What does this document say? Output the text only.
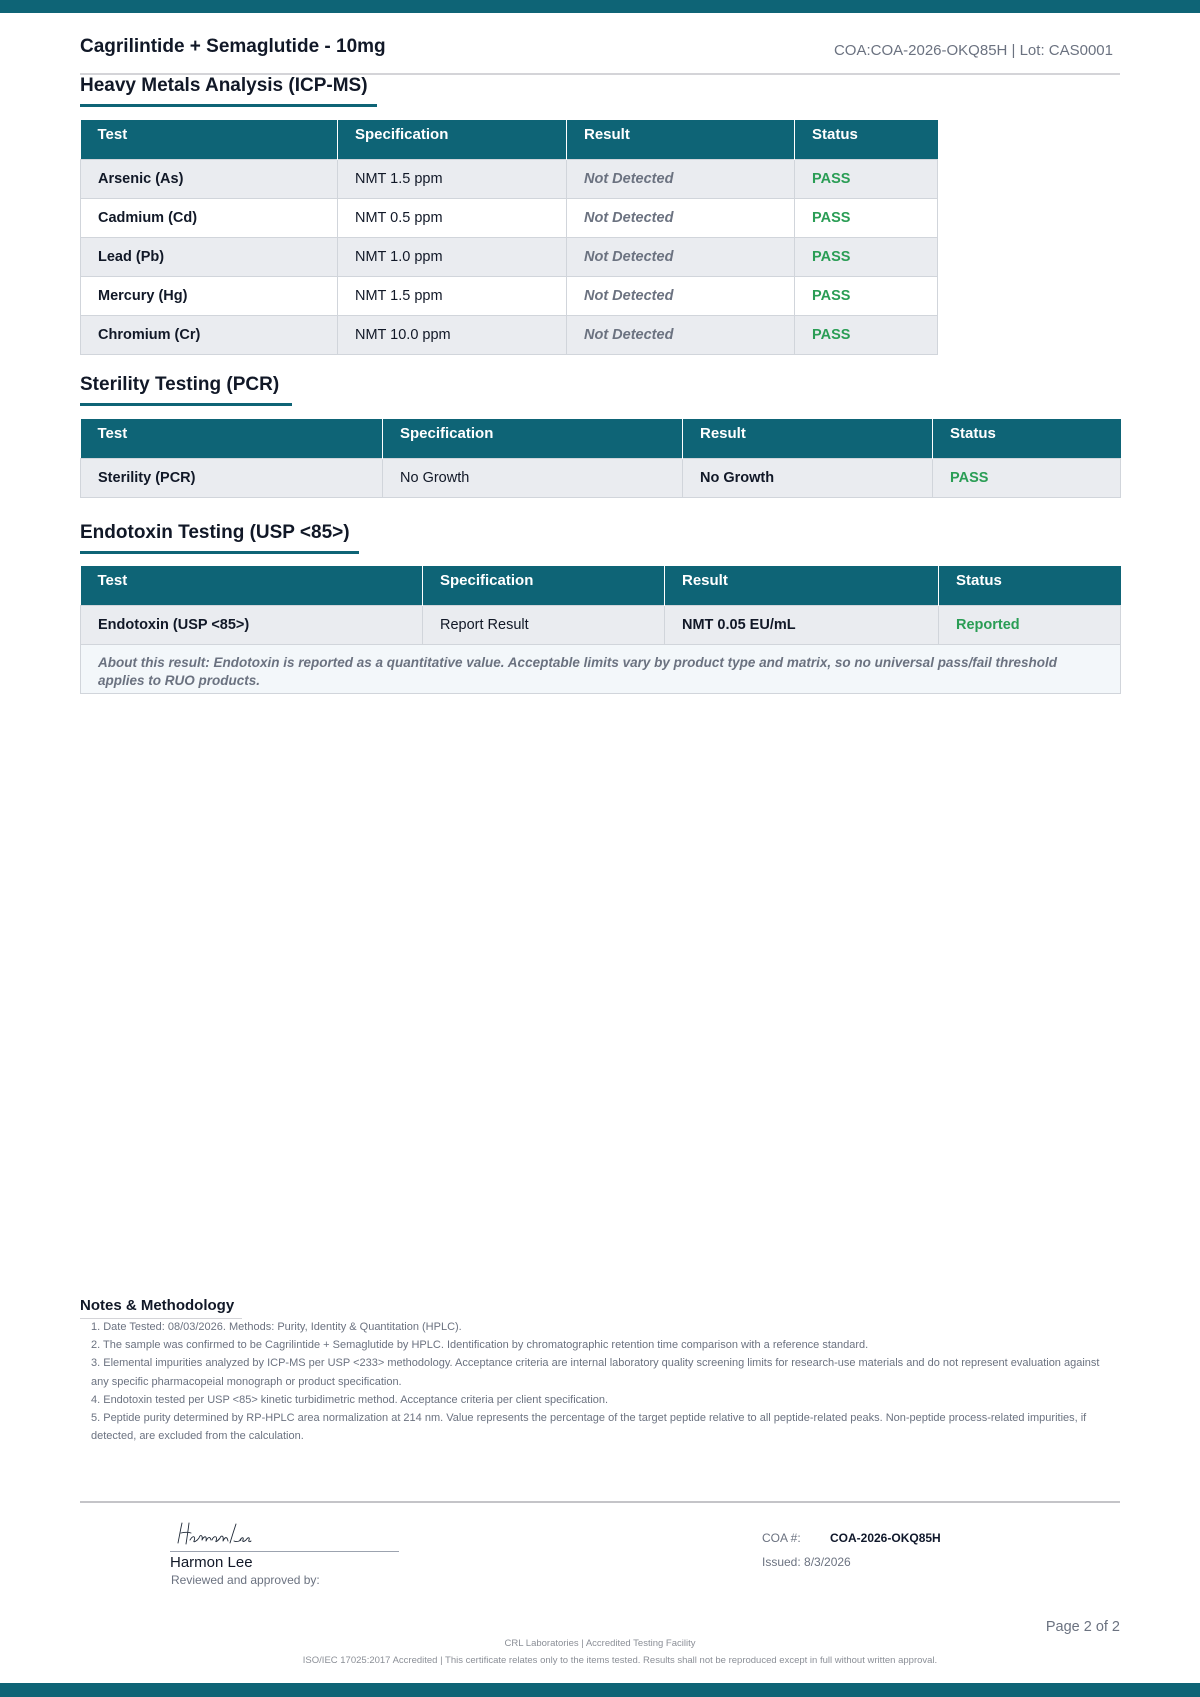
Cagrilintide + Semaglutide - 10mg	COA:COA-2026-OKQ85H | Lot: CAS0001
Heavy Metals Analysis (ICP-MS)
Test	Specification	Result	Status
Arsenic (As)	NMT 1.5 ppm	Not Detected	PASS
Cadmium (Cd)	NMT 0.5 ppm	Not Detected	PASS
Lead (Pb)	NMT 1.0 ppm	Not Detected	PASS
Mercury (Hg)	NMT 1.5 ppm	Not Detected	PASS
Chromium (Cr)	NMT 10.0 ppm	Not Detected	PASS
Sterility Testing (PCR)
Test	Specification	Result	Status
Sterility (PCR)	No Growth	No Growth	PASS
Endotoxin Testing (USP <85>)
Test	Specification	Result	Status
Endotoxin (USP <85>)	Report Result	NMT 0.05 EU/mL	Reported
About this result: Endotoxin is reported as a quantitative value. Acceptable limits vary by product type and matrix, so no universal pass/fail threshold applies to RUO products.			
Notes & Methodology
1. Date Tested: 08/03/2026. Methods: Purity, Identity & Quantitation (HPLC).
2. The sample was confirmed to be Cagrilintide + Semaglutide by HPLC. Identification by chromatographic retention time comparison with a reference standard.
3. Elemental impurities analyzed by ICP-MS per USP <233> methodology. Acceptance criteria are internal laboratory quality screening limits for research-use materials and do not represent evaluation against any specific pharmacopeial monograph or product specification.
4. Endotoxin tested per USP <85> kinetic turbidimetric method. Acceptance criteria per client specification.
5. Peptide purity determined by RP-HPLC area normalization at 214 nm. Value represents the percentage of the target peptide relative to all peptide-related peaks. Non-peptide process-related impurities, if detected, are excluded from the calculation.
Harmon Lee
Reviewed and approved by:
COA #: COA-2026-OKQ85H
Issued: 8/3/2026
Page 2 of 2
CRL Laboratories | Accredited Testing Facility
ISO/IEC 17025:2017 Accredited | This certificate relates only to the items tested. Results shall not be reproduced except in full without written approval.
